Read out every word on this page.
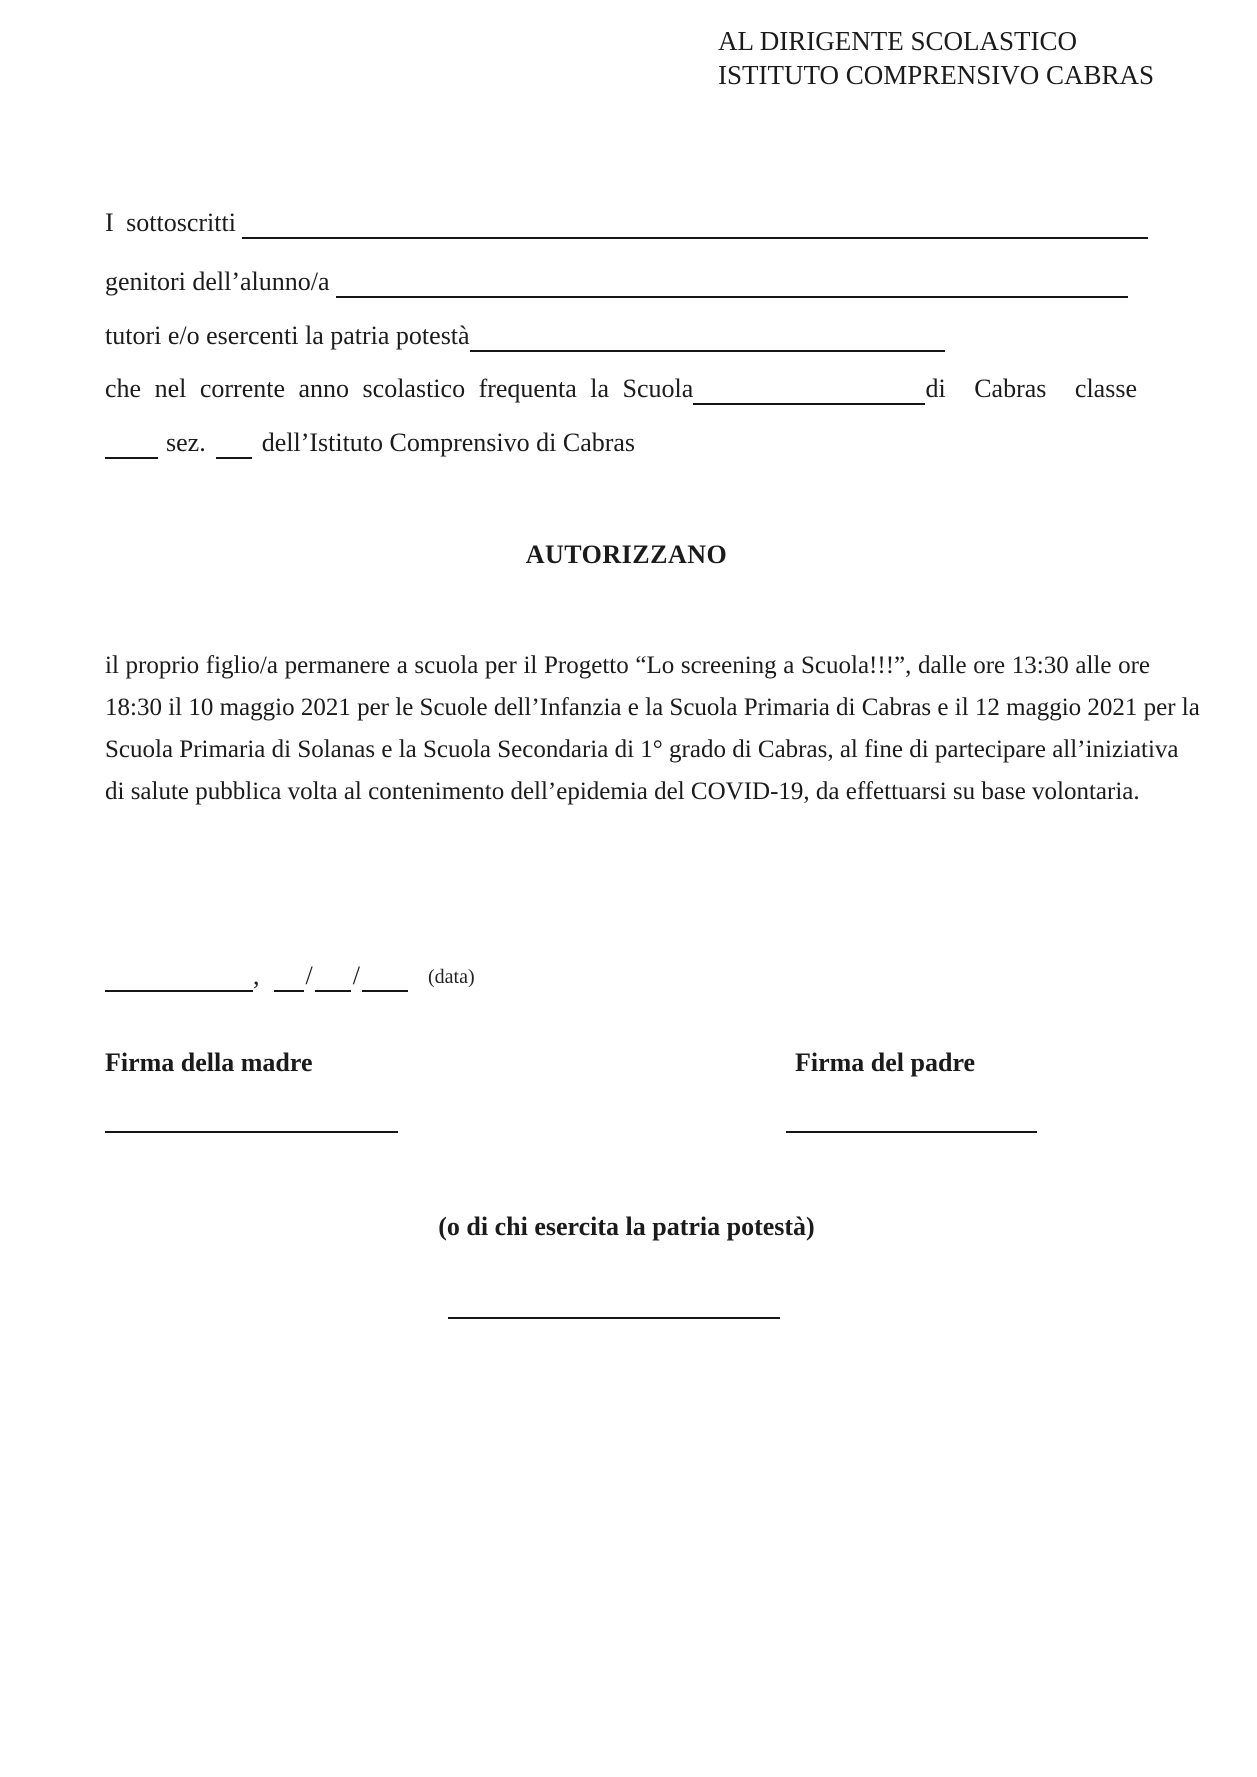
AL DIRIGENTE SCOLASTICO
ISTITUTO COMPRENSIVO CABRAS
I sottoscritti

genitori dell’alunno/a

tutori e/o esercenti la patria potestà
che nel corrente anno scolastico frequenta la Scuola	di Cabras classe
sez. dell’Istituto Comprensivo di Cabras
AUTORIZZANO
il proprio figlio/a permanere a scuola per il Progetto “Lo screening a Scuola!!!”, dalle ore 13:30 alle ore
18:30 il 10 maggio 2021 per le Scuole dell’Infanzia e la Scuola Primaria di Cabras e il 12 maggio 2021 per la
Scuola Primaria di Solanas e la Scuola Secondaria di 1° grado di Cabras, al fine di partecipare all’iniziativa
di salute pubblica volta al contenimento dell’epidemia del COVID-19, da effettuarsi su base volontaria.
, / /	(data)
Firma della madre	Firma del padre
(o di chi esercita la patria potestà)
